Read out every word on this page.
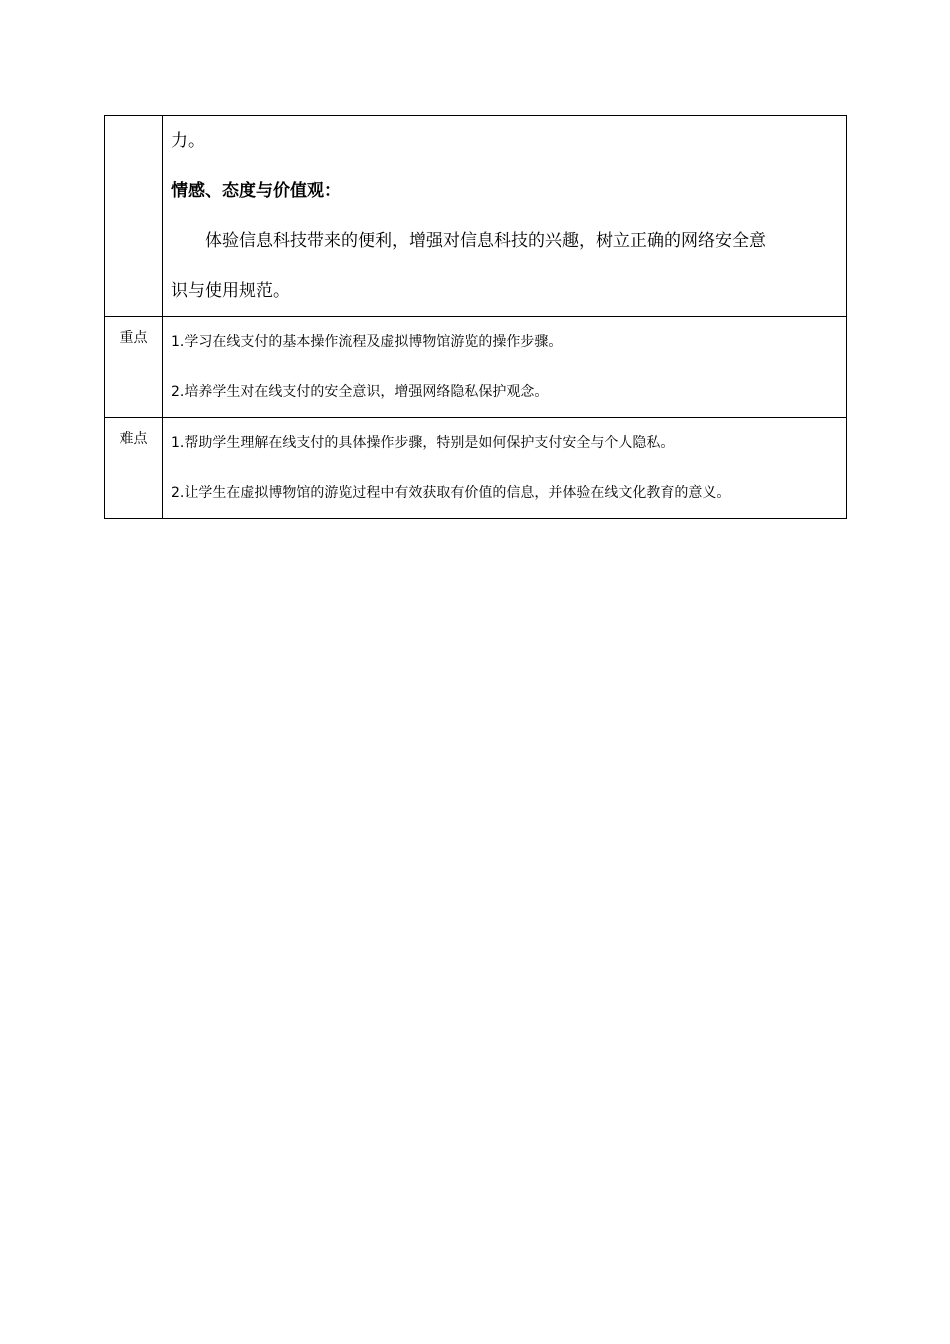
	力。

情感、态度与价值观：

体验信息科技带来的便利，增强对信息科技的兴趣，树立正确的网络安全意

识与使用规范。

重点	1.学习在线支付的基本操作流程及虚拟博物馆游览的操作步骤。

2.培养学生对在线支付的安全意识，增强网络隐私保护观念。

难点	1.帮助学生理解在线支付的具体操作步骤，特别是如何保护支付安全与个人隐私。

2.让学生在虚拟博物馆的游览过程中有效获取有价值的信息，并体验在线文化教育的意义。
